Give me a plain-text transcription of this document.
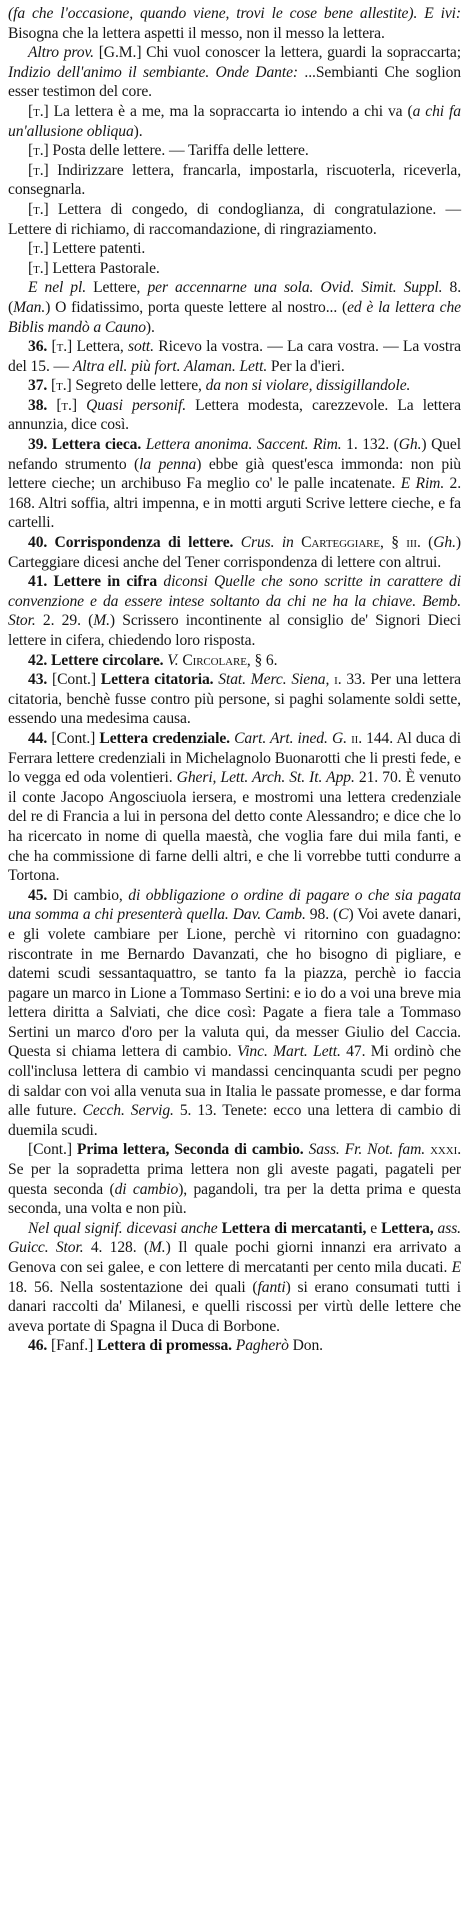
(fa che l'occasione, quando viene, trovi le cose bene allestite). E ivi: Bisogna che la lettera aspetti il messo, non il messo la lettera.

Altro prov. [G.M.] Chi vuol conoscer la lettera, guardi la sopraccarta; Indizio dell'animo il sembiante. Onde Dante: ...Sembianti Che soglion esser testimon del core.

[t.] La lettera è a me, ma la sopraccarta io intendo a chi va (a chi fa un'allusione obliqua).

[t.] Posta delle lettere. — Tariffa delle lettere.

[t.] Indirizzare lettera, francarla, impostarla, riscuoterla, riceverla, consegnarla.

[t.] Lettera di congedo, di condoglianza, di congratulazione. — Lettere di richiamo, di raccomandazione, di ringraziamento.

[t.] Lettere patenti.

[t.] Lettera Pastorale.

E nel pl. Lettere, per accennarne una sola. Ovid. Simit. Suppl. 8. (Man.) O fidatissimo, porta queste lettere al nostro... (ed è la lettera che Biblis mandò a Cauno).

36. [t.] Lettera, sott. Ricevo la vostra. — La cara vostra. — La vostra del 15. — Altra ell. più fort. Alaman. Lett. Per la d'ieri.

37. [t.] Segreto delle lettere, da non si violare, dissigillandole.

38. [t.] Quasi personif. Lettera modesta, carezzevole. La lettera annunzia, dice così.

39. Lettera cieca. Lettera anonima. Saccent. Rim. 1. 132. (Gh.) Quel nefando strumento (la penna) ebbe già quest'esca immonda: non più lettere cieche; un archibuso Fa meglio co' le palle incatenate. E Rim. 2. 168. Altri soffia, altri impenna, e in motti arguti Scrive lettere cieche, e fa cartelli.

40. Corrispondenza di lettere. Crus. in Carteggiare, § iii. (Gh.) Carteggiare dicesi anche del Tener corrispondenza di lettere con altrui.

41. Lettere in cifra diconsi Quelle che sono scritte in carattere di convenzione e da essere intese soltanto da chi ne ha la chiave. Bemb. Stor. 2. 29. (M.) Scrissero incontinente al consiglio de' Signori Dieci lettere in cifera, chiedendo loro risposta.

42. Lettere circolare. V. Circolare, § 6.

43. [Cont.] Lettera citatoria. Stat. Merc. Siena, i. 33. Per una lettera citatoria, benchè fusse contro più persone, si paghi solamente soldi sette, essendo una medesima causa.

44. [Cont.] Lettera credenziale. Cart. Art. ined. G. ii. 144. Al duca di Ferrara lettere credenziali in Michelagnolo Buonarotti che li presti fede, e lo vegga ed oda volentieri. Gheri, Lett. Arch. St. It. App. 21. 70. È venuto il conte Jacopo Angosciuola iersera, e mostromi una lettera credenziale del re di Francia a lui in persona del detto conte Alessandro; e dice che lo ha ricercato in nome di quella maestà, che voglia fare dui mila fanti, e che ha commissione di farne delli altri, e che li vorrebbe tutti condurre a Tortona.

45. Di cambio, di obbligazione o ordine di pagare o che sia pagata una somma a chi presenterà quella. Dav. Camb. 98. (C) Voi avete danari, e gli volete cambiare per Lione, perchè vi ritornino con guadagno: riscontrate in me Bernardo Davanzati, che ho bisogno di pigliare, e datemi scudi sessantaquattro, se tanto fa la piazza, perchè io faccia pagare un marco in Lione a Tommaso Sertini: e io do a voi una breve mia lettera diritta a Salviati, che dice così: Pagate a fiera tale a Tommaso Sertini un marco d'oro per la valuta qui, da messer Giulio del Caccia. Questa si chiama lettera di cambio. Vinc. Mart. Lett. 47. Mi ordinò che coll'inclusa lettera di cambio vi mandassi cencinquanta scudi per pegno di saldar con voi alla venuta sua in Italia le passate promesse, e dar forma alle future. Cecch. Servig. 5. 13. Tenete: ecco una lettera di cambio di duemila scudi.

[Cont.] Prima lettera, Seconda di cambio. Sass. Fr. Not. fam. xxxi. Se per la sopradetta prima lettera non gli aveste pagati, pagateli per questa seconda (di cambio), pagandoli, tra per la detta prima e questa seconda, una volta e non più.

Nel qual signif. dicevasi anche Lettera di mercatanti, e Lettera, ass. Guicc. Stor. 4. 128. (M.) Il quale pochi giorni innanzi era arrivato a Genova con sei galee, e con lettere di mercatanti per cento mila ducati. E 18. 56. Nella sostentazione dei quali (fanti) si erano consumati tutti i danari raccolti da' Milanesi, e quelli riscossi per virtù delle lettere che aveva portate di Spagna il Duca di Borbone.

46. [Fanf.] Lettera di promessa. Pagherò Don.
